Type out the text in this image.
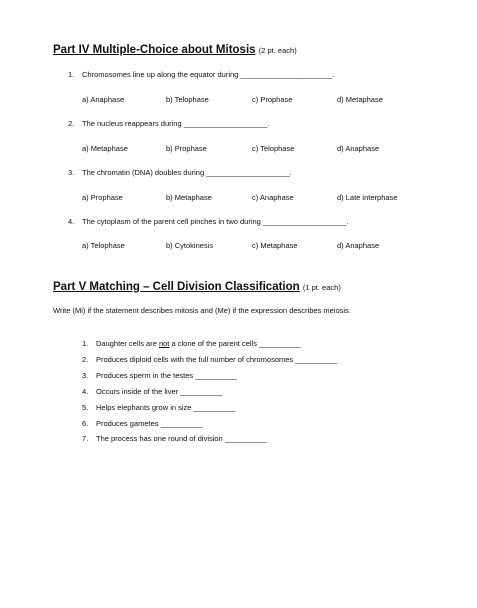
Part IV Multiple-Choice about Mitosis (2 pt. each)
1. Chromosomes line up along the equator during ______________________.
a) Anaphase	b) Telophase	c) Prophase	d) Metaphase
2. The nucleus reappears during ____________________.
a) Metaphase	b) Prophase	c) Telophase	d) Anaphase
3. The chromatin (DNA) doubles during ____________________.
a) Prophase	b) Metaphase	c) Anaphase	d) Late interphase
4. The cytoplasm of the parent cell pinches in two during ____________________.
a) Telophase	b) Cytokinesis	c) Metaphase	d) Anaphase
Part V Matching – Cell Division Classification (1 pt. each)
Write (Mi) if the statement describes mitosis and (Me) if the expression describes meiosis.
1. Daughter cells are not a clone of the parent cells __________
2. Produces diploid cells with the full number of chromosomes __________
3. Produces sperm in the testes __________
4. Occurs inside of the liver __________
5. Helps elephants grow in size __________
6. Produces gametes __________
7. The process has one round of division __________
